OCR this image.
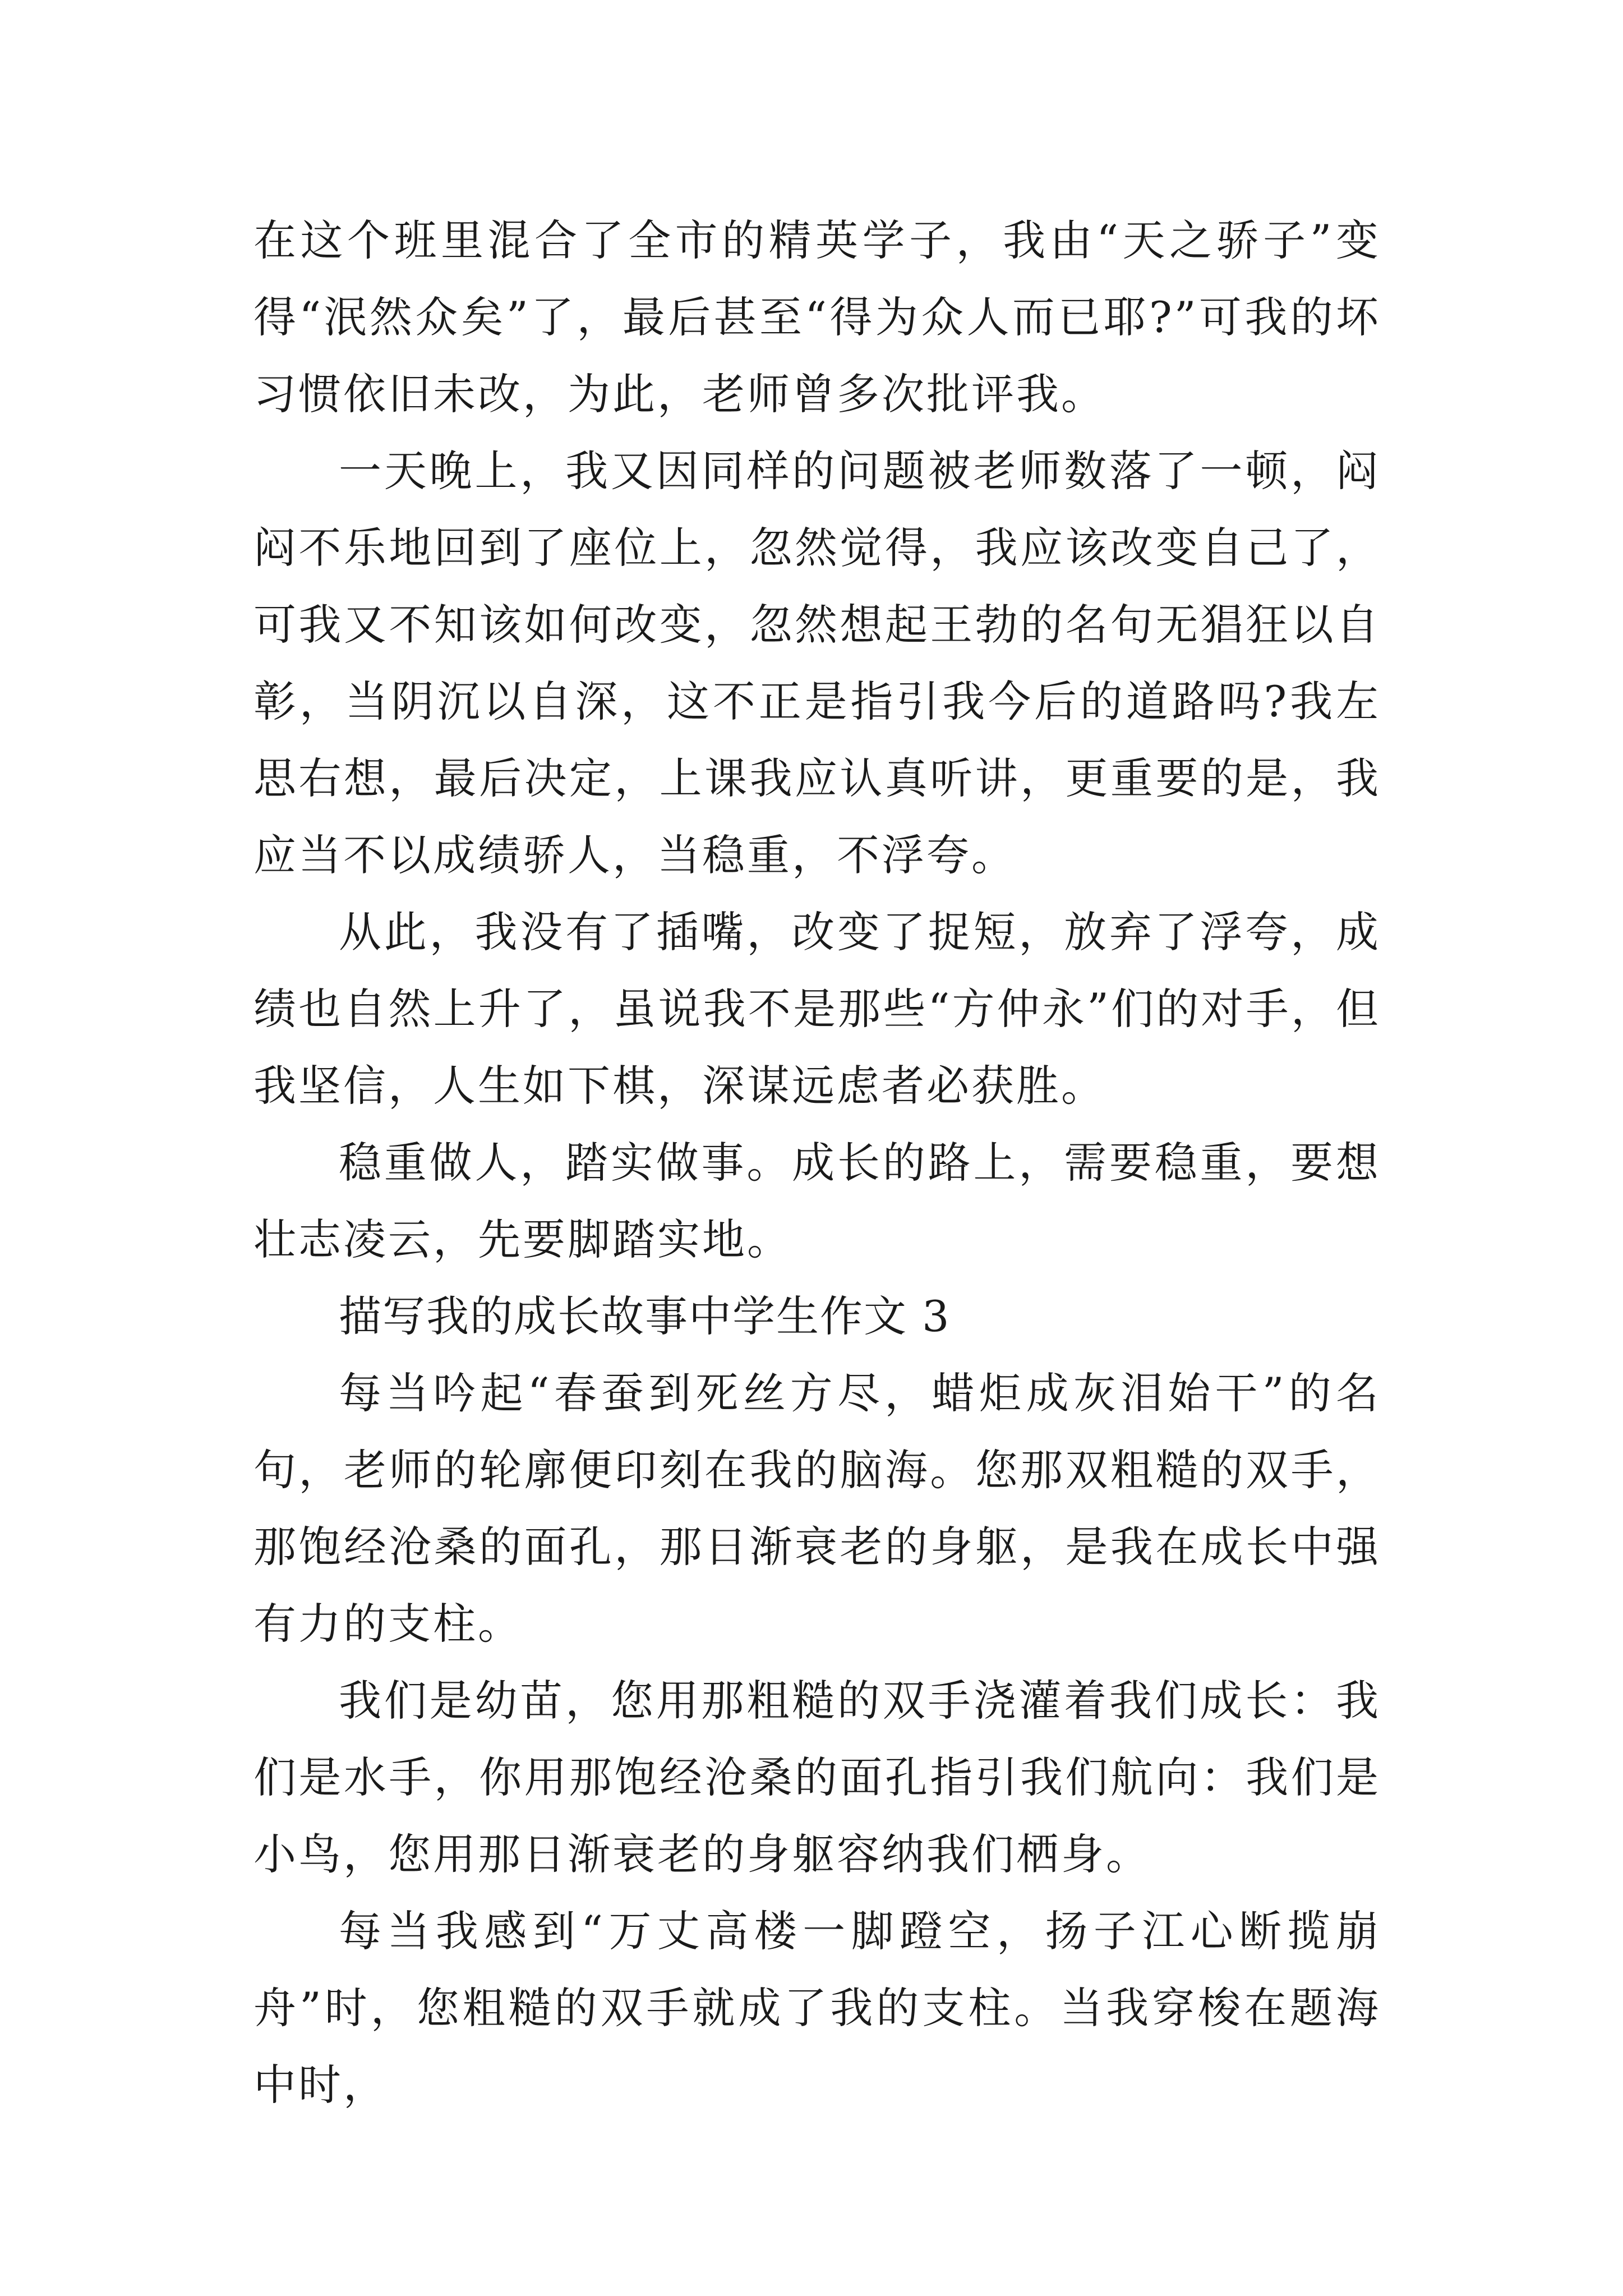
在这个班里混合了全市的精英学子，我由“天之骄子”变得“泯然众矣”了，最后甚至“得为众人而已耶?”可我的坏习惯依旧未改，为此，老师曾多次批评我。

一天晚上，我又因同样的问题被老师数落了一顿，闷闷不乐地回到了座位上，忽然觉得，我应该改变自己了，可我又不知该如何改变，忽然想起王勃的名句无猖狂以自彰，当阴沉以自深，这不正是指引我今后的道路吗?我左思右想，最后决定，上课我应认真听讲，更重要的是，我应当不以成绩骄人，当稳重，不浮夸。

从此，我没有了插嘴，改变了捉短，放弃了浮夸，成绩也自然上升了，虽说我不是那些“方仲永”们的对手，但我坚信，人生如下棋，深谋远虑者必获胜。

稳重做人，踏实做事。成长的路上，需要稳重，要想壮志凌云，先要脚踏实地。

描写我的成长故事中学生作文 3

每当吟起“春蚕到死丝方尽，蜡炬成灰泪始干”的名句，老师的轮廓便印刻在我的脑海。您那双粗糙的双手，那饱经沧桑的面孔，那日渐衰老的身躯，是我在成长中强有力的支柱。

我们是幼苗，您用那粗糙的双手浇灌着我们成长：我们是水手，你用那饱经沧桑的面孔指引我们航向：我们是小鸟，您用那日渐衰老的身躯容纳我们栖身。

每当我感到“万丈高楼一脚蹬空，扬子江心断揽崩舟”时，您粗糙的双手就成了我的支柱。当我穿梭在题海中时，
